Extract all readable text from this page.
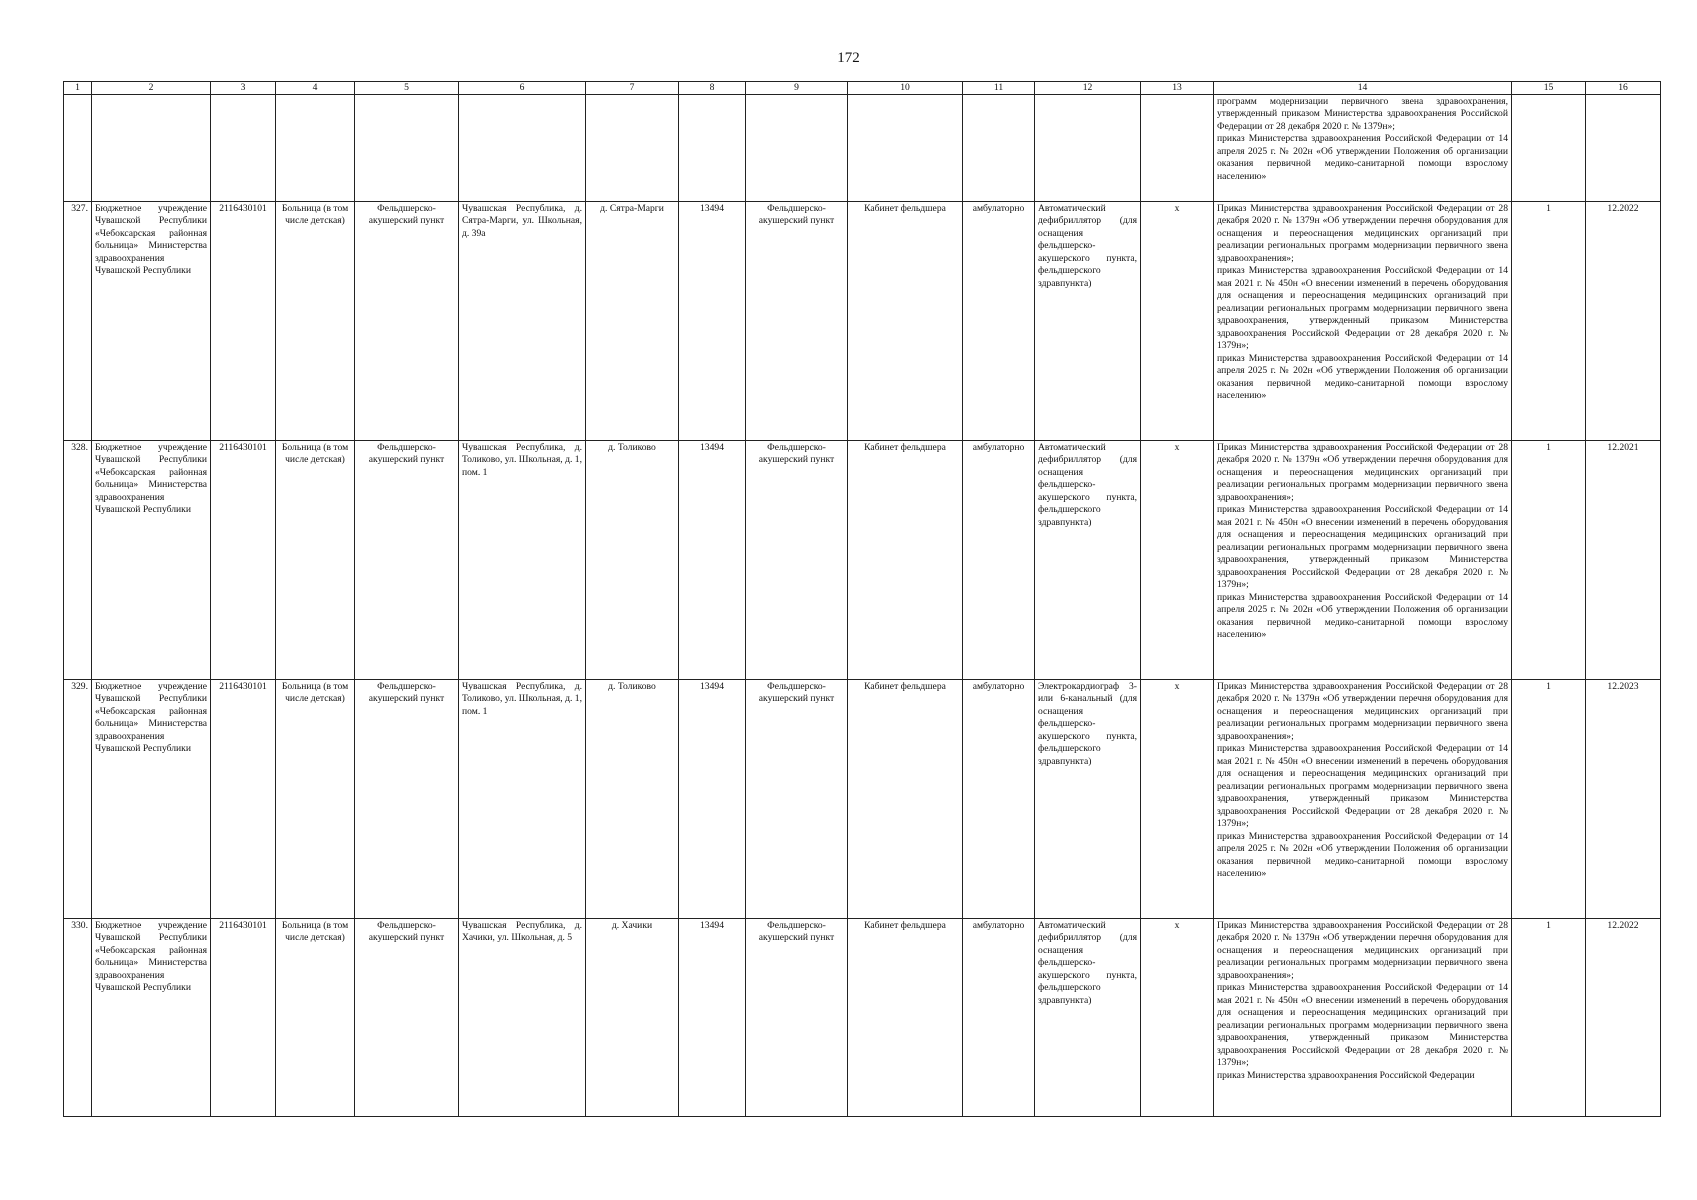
172
1	2	3	4	5	6	7	8	9	10	11	12	13	14	15	16
													программ модернизации первичного звена здравоохранения, утвержденный приказом Министерства здравоохранения Российской Федерации от 28 декабря 2020 г. № 1379н»;
приказ Министерства здравоохранения Российской Федерации от 14 апреля 2025 г. № 202н «Об утверждении Положения об организации оказания первичной медико-санитарной помощи взрослому населению»		
327.	Бюджетное учреждение Чувашской Республики «Чебоксарская районная больница» Министерства здравоохранения Чувашской Республики	2116430101	Больница (в том числе детская)	Фельдшерско-акушерский пункт	Чувашская Республика, д. Сятра-Марги, ул. Школьная, д. 39а	д. Сятра-Марги	13494	Фельдшерско-акушерский пункт	Кабинет фельдшера	амбулаторно	Автоматический дефибриллятор (для оснащения фельдшерско-акушерского пункта, фельдшерского здравпункта)	x	Приказ Министерства здравоохранения Российской Федерации от 28 декабря 2020 г. № 1379н «Об утверждении перечня оборудования для оснащения и переоснащения медицинских организаций при реализации региональных программ модернизации первичного звена здравоохранения»;
приказ Министерства здравоохранения Российской Федерации от 14 мая 2021 г. № 450н «О внесении изменений в перечень оборудования для оснащения и переоснащения медицинских организаций при реализации региональных программ модернизации первичного звена здравоохранения, утвержденный приказом Министерства здравоохранения Российской Федерации от 28 декабря 2020 г. № 1379н»;
приказ Министерства здравоохранения Российской Федерации от 14 апреля 2025 г. № 202н «Об утверждении Положения об организации оказания первичной медико-санитарной помощи взрослому населению»	1	12.2022
328.	Бюджетное учреждение Чувашской Республики «Чебоксарская районная больница» Министерства здравоохранения Чувашской Республики	2116430101	Больница (в том числе детская)	Фельдшерско-акушерский пункт	Чувашская Республика, д. Толиково, ул. Школьная, д. 1, пом. 1	д. Толиково	13494	Фельдшерско-акушерский пункт	Кабинет фельдшера	амбулаторно	Автоматический дефибриллятор (для оснащения фельдшерско-акушерского пункта, фельдшерского здравпункта)	x	Приказ Министерства здравоохранения Российской Федерации от 28 декабря 2020 г. № 1379н «Об утверждении перечня оборудования для оснащения и переоснащения медицинских организаций при реализации региональных программ модернизации первичного звена здравоохранения»;
приказ Министерства здравоохранения Российской Федерации от 14 мая 2021 г. № 450н «О внесении изменений в перечень оборудования для оснащения и переоснащения медицинских организаций при реализации региональных программ модернизации первичного звена здравоохранения, утвержденный приказом Министерства здравоохранения Российской Федерации от 28 декабря 2020 г. № 1379н»;
приказ Министерства здравоохранения Российской Федерации от 14 апреля 2025 г. № 202н «Об утверждении Положения об организации оказания первичной медико-санитарной помощи взрослому населению»	1	12.2021
329.	Бюджетное учреждение Чувашской Республики «Чебоксарская районная больница» Министерства здравоохранения Чувашской Республики	2116430101	Больница (в том числе детская)	Фельдшерско-акушерский пункт	Чувашская Республика, д. Толиково, ул. Школьная, д. 1, пом. 1	д. Толиково	13494	Фельдшерско-акушерский пункт	Кабинет фельдшера	амбулаторно	Электрокардиограф 3- или 6-канальный (для оснащения фельдшерско-акушерского пункта, фельдшерского здравпункта)	x	Приказ Министерства здравоохранения Российской Федерации от 28 декабря 2020 г. № 1379н «Об утверждении перечня оборудования для оснащения и переоснащения медицинских организаций при реализации региональных программ модернизации первичного звена здравоохранения»;
приказ Министерства здравоохранения Российской Федерации от 14 мая 2021 г. № 450н «О внесении изменений в перечень оборудования для оснащения и переоснащения медицинских организаций при реализации региональных программ модернизации первичного звена здравоохранения, утвержденный приказом Министерства здравоохранения Российской Федерации от 28 декабря 2020 г. № 1379н»;
приказ Министерства здравоохранения Российской Федерации от 14 апреля 2025 г. № 202н «Об утверждении Положения об организации оказания первичной медико-санитарной помощи взрослому населению»	1	12.2023
330.	Бюджетное учреждение Чувашской Республики «Чебоксарская районная больница» Министерства здравоохранения Чувашской Республики	2116430101	Больница (в том числе детская)	Фельдшерско-акушерский пункт	Чувашская Республика, д. Хачики, ул. Школьная, д. 5	д. Хачики	13494	Фельдшерско-акушерский пункт	Кабинет фельдшера	амбулаторно	Автоматический дефибриллятор (для оснащения фельдшерско-акушерского пункта, фельдшерского здравпункта)	x	Приказ Министерства здравоохранения Российской Федерации от 28 декабря 2020 г. № 1379н «Об утверждении перечня оборудования для оснащения и переоснащения медицинских организаций при реализации региональных программ модернизации первичного звена здравоохранения»;
приказ Министерства здравоохранения Российской Федерации от 14 мая 2021 г. № 450н «О внесении изменений в перечень оборудования для оснащения и переоснащения медицинских организаций при реализации региональных программ модернизации первичного звена здравоохранения, утвержденный приказом Министерства здравоохранения Российской Федерации от 28 декабря 2020 г. № 1379н»;
приказ Министерства здравоохранения Российской Федерации	1	12.2022
